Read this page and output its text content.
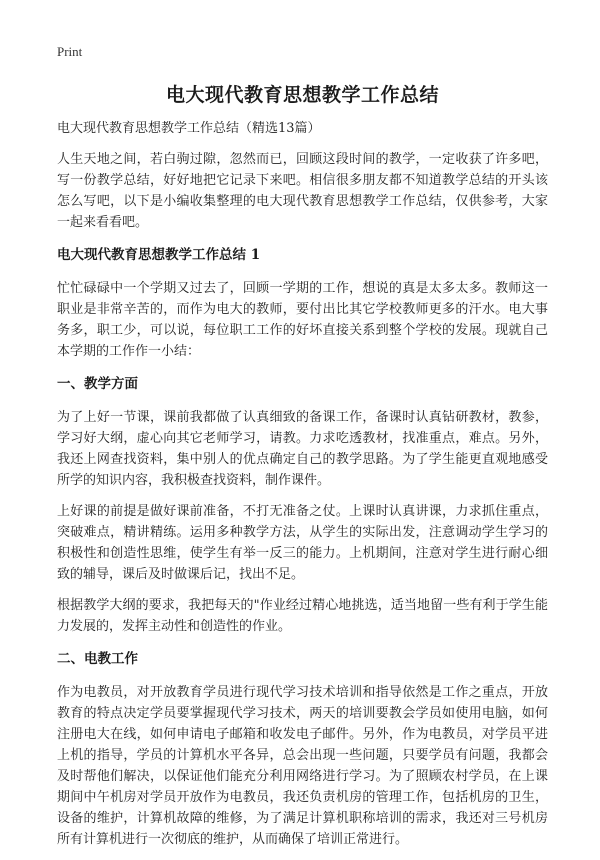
Print
电大现代教育思想教学工作总结

电大现代教育思想教学工作总结（精选13篇）

人生天地之间，若白驹过隙，忽然而已，回顾这段时间的教学，一定收获了许多吧，写一份教学总结，好好地把它记录下来吧。相信很多朋友都不知道教学总结的开头该怎么写吧，以下是小编收集整理的电大现代教育思想教学工作总结，仅供参考，大家一起来看看吧。

电大现代教育思想教学工作总结 1

忙忙碌碌中一个学期又过去了，回顾一学期的工作，想说的真是太多太多。教师这一职业是非常辛苦的，而作为电大的教师，要付出比其它学校教师更多的汗水。电大事务多，职工少，可以说，每位职工工作的好坏直接关系到整个学校的发展。现就自己本学期的工作作一小结：

一、教学方面

为了上好一节课，课前我都做了认真细致的备课工作，备课时认真钻研教材，教参，学习好大纲，虚心向其它老师学习，请教。力求吃透教材，找准重点，难点。另外，我还上网查找资料，集中别人的优点确定自己的教学思路。为了学生能更直观地感受所学的知识内容，我积极查找资料，制作课件。

上好课的前提是做好课前准备，不打无准备之仗。上课时认真讲课，力求抓住重点，突破难点，精讲精练。运用多种教学方法，从学生的实际出发，注意调动学生学习的积极性和创造性思维，使学生有举一反三的能力。上机期间，注意对学生进行耐心细致的辅导，课后及时做课后记，找出不足。

根据教学大纲的要求，我把每天的"作业经过精心地挑选，适当地留一些有利于学生能力发展的，发挥主动性和创造性的作业。

二、电教工作

作为电教员，对开放教育学员进行现代学习技术培训和指导依然是工作之重点，开放教育的特点决定学员要掌握现代学习技术，两天的培训要教会学员如使用电脑，如何注册电大在线，如何申请电子邮箱和收发电子邮件。另外，作为电教员，对学员平进上机的指导，学员的计算机水平各异，总会出现一些问题，只要学员有问题，我都会及时帮他们解决，以保证他们能充分利用网络进行学习。为了照顾农村学员，在上课期间中午机房对学员开放作为电教员，我还负责机房的管理工作，包括机房的卫生，设备的维护，计算机故障的维修，为了满足计算机职称培训的需求，我还对三号机房所有计算机进行一次彻底的维护，从而确保了培训正常进行。
